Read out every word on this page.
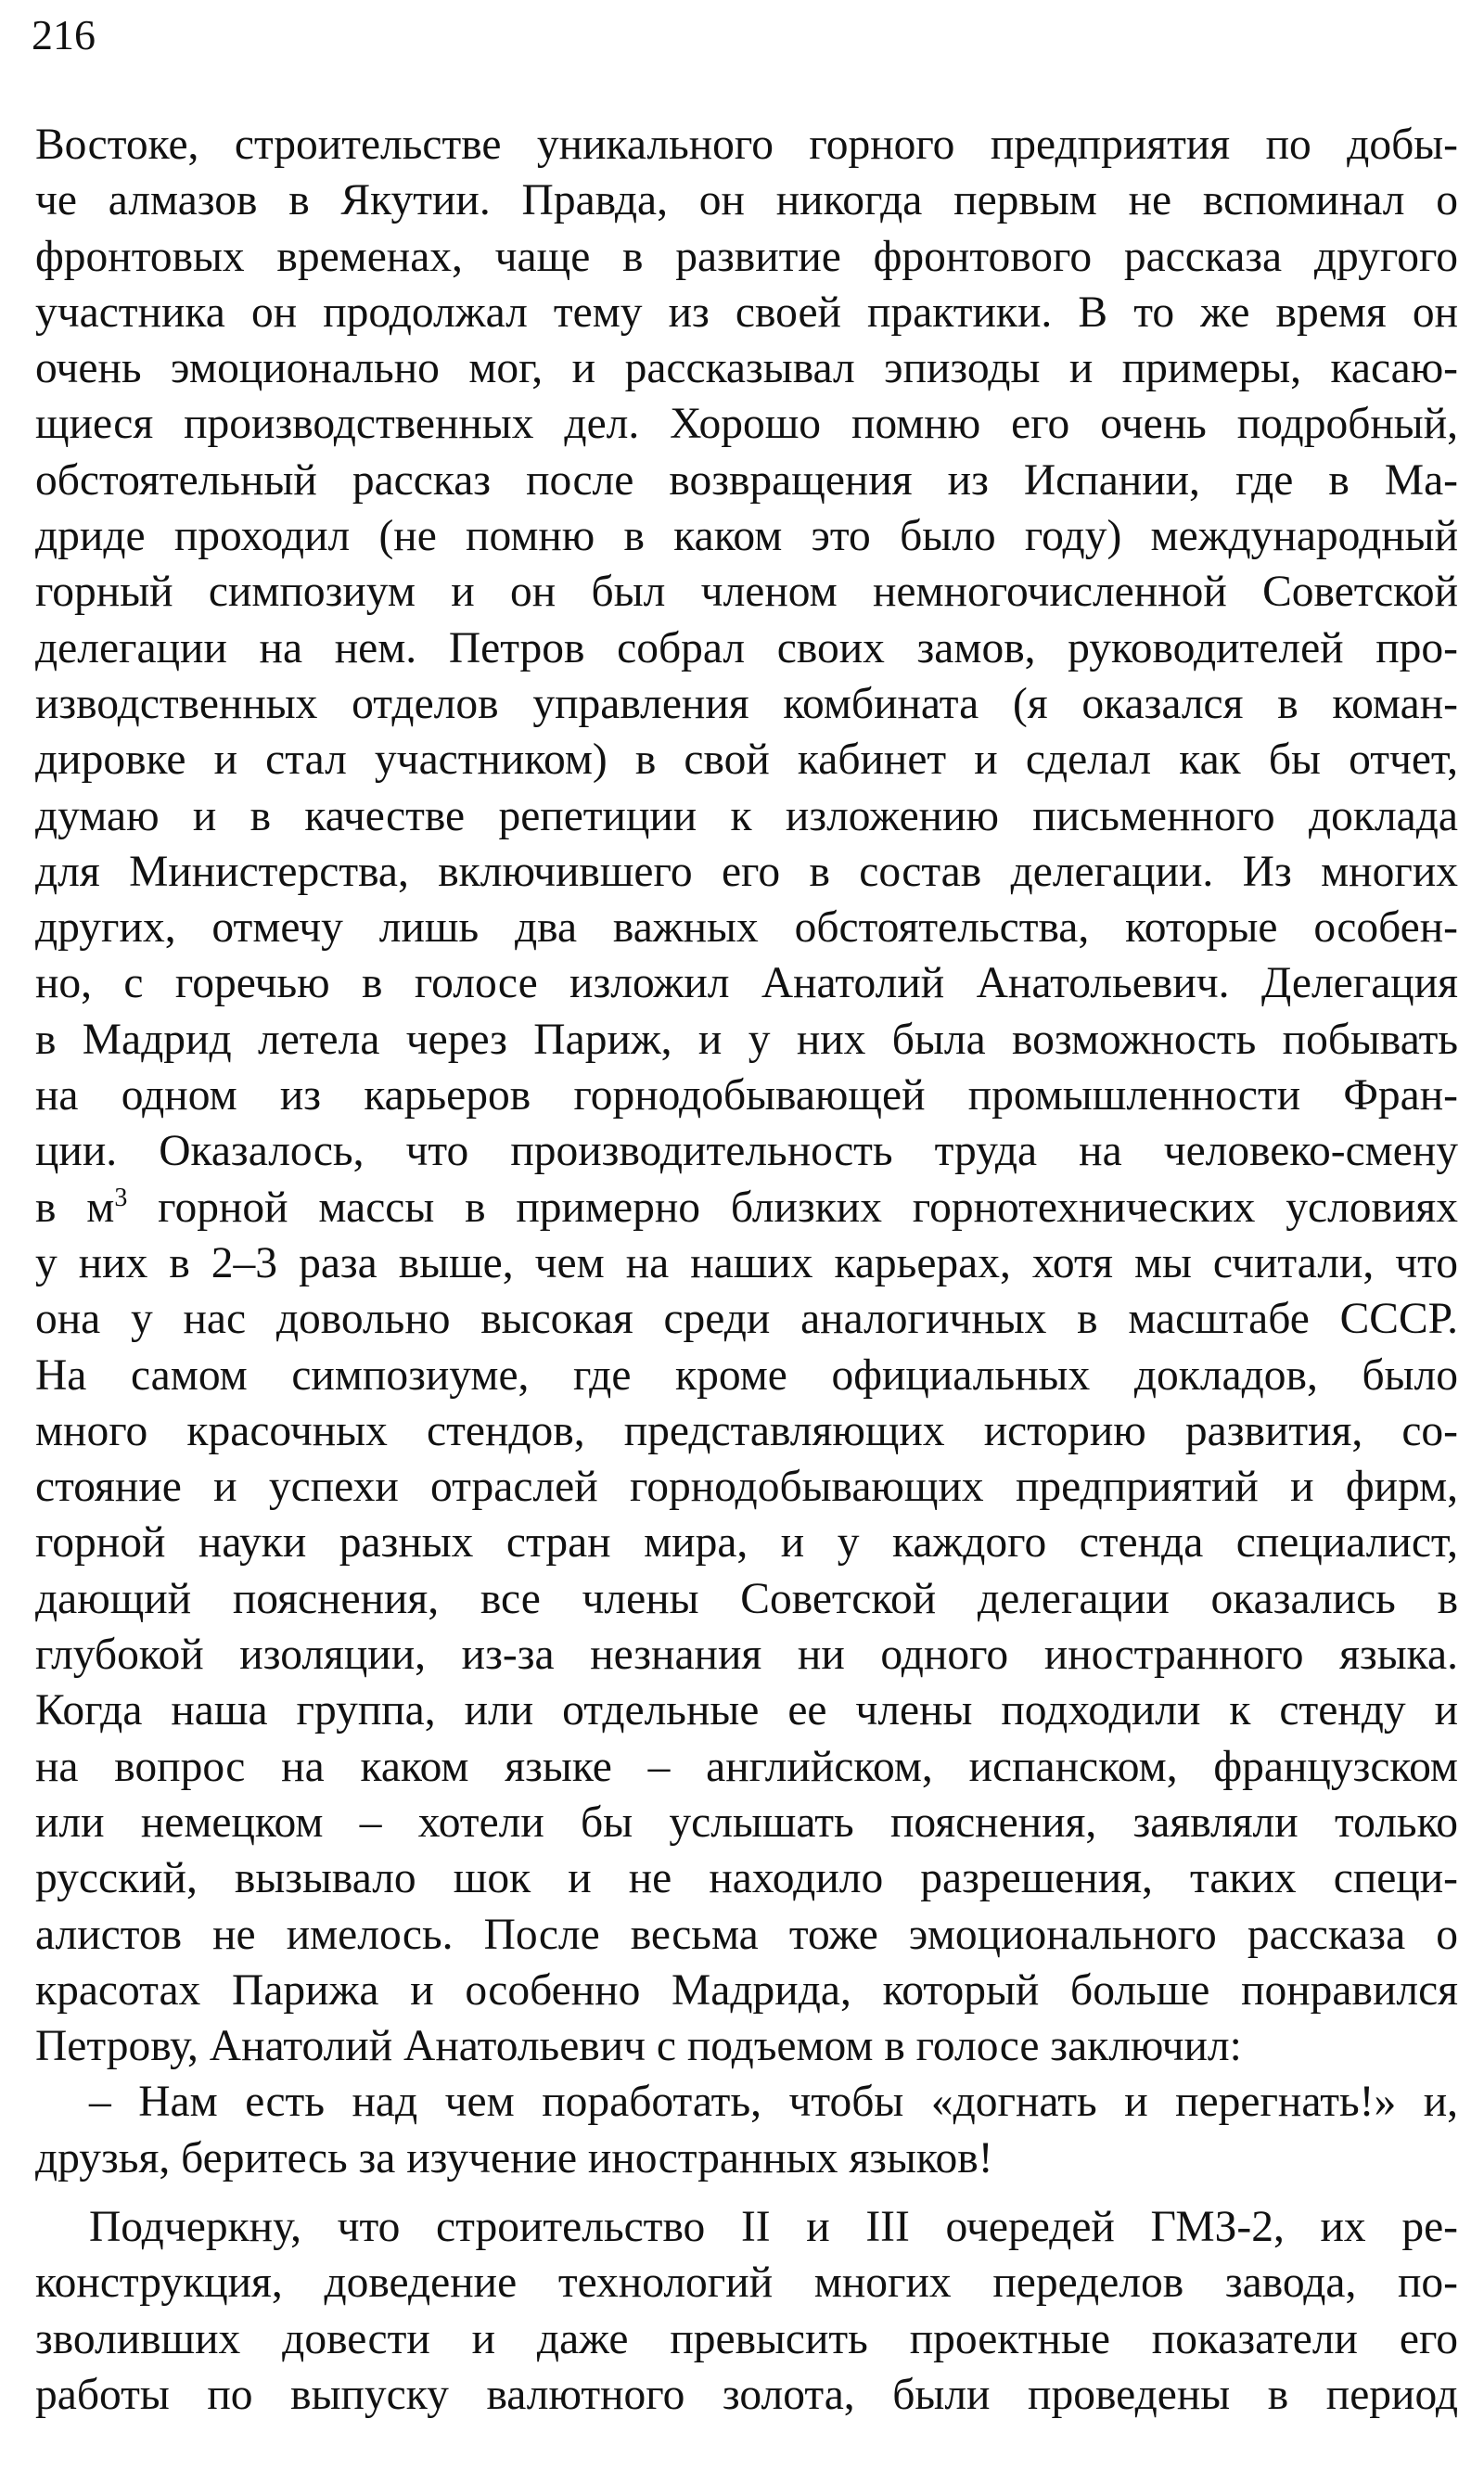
216
Востоке, строительстве уникального горного предприятия по добы-
че алмазов в Якутии. Правда, он никогда первым не вспоминал о
фронтовых временах, чаще в развитие фронтового рассказа другого
участника он продолжал тему из своей практики. В то же время он
очень эмоционально мог, и рассказывал эпизоды и примеры, касаю-
щиеся производственных дел. Хорошо помню его очень подробный,
обстоятельный рассказ после возвращения из Испании, где в Ма-
дриде проходил (не помню в каком это было году) международный
горный симпозиум и он был членом немногочисленной Советской
делегации на нем. Петров собрал своих замов, руководителей про-
изводственных отделов управления комбината (я оказался в коман-
дировке и стал участником) в свой кабинет и сделал как бы отчет,
думаю и в качестве репетиции к изложению письменного доклада
для Министерства, включившего его в состав делегации. Из многих
других, отмечу лишь два важных обстоятельства, которые особен-
но, с горечью в голосе изложил Анатолий Анатольевич. Делегация
в Мадрид летела через Париж, и у них была возможность побывать
на одном из карьеров горнодобывающей промышленности Фран-
ции. Оказалось, что производительность труда на человеко-смену
в $м^3$ горной массы в примерно близких горнотехнических условиях
у них в 2–3 раза выше, чем на наших карьерах, хотя мы считали, что
она у нас довольно высокая среди аналогичных в масштабе СССР.
На самом симпозиуме, где кроме официальных докладов, было
много красочных стендов, представляющих историю развития, со-
стояние и успехи отраслей горнодобывающих предприятий и фирм,
горной науки разных стран мира, и у каждого стенда специалист,
дающий пояснения, все члены Советской делегации оказались в
глубокой изоляции, из-за незнания ни одного иностранного языка.
Когда наша группа, или отдельные ее члены подходили к стенду и
на вопрос на каком языке – английском, испанском, французском
или немецком – хотели бы услышать пояснения, заявляли только
русский, вызывало шок и не находило разрешения, таких специ-
алистов не имелось. После весьма тоже эмоционального рассказа о
красотах Парижа и особенно Мадрида, который больше понравился
Петрову, Анатолий Анатольевич с подъемом в голосе заключил:
– Нам есть над чем поработать, чтобы «догнать и перегнать!» и,
друзья, беритесь за изучение иностранных языков!
Подчеркну, что строительство II и III очередей ГМЗ-2, их ре-
конструкция, доведение технологий многих переделов завода, по-
зволивших довести и даже превысить проектные показатели его
работы по выпуску валютного золота, были проведены в период
